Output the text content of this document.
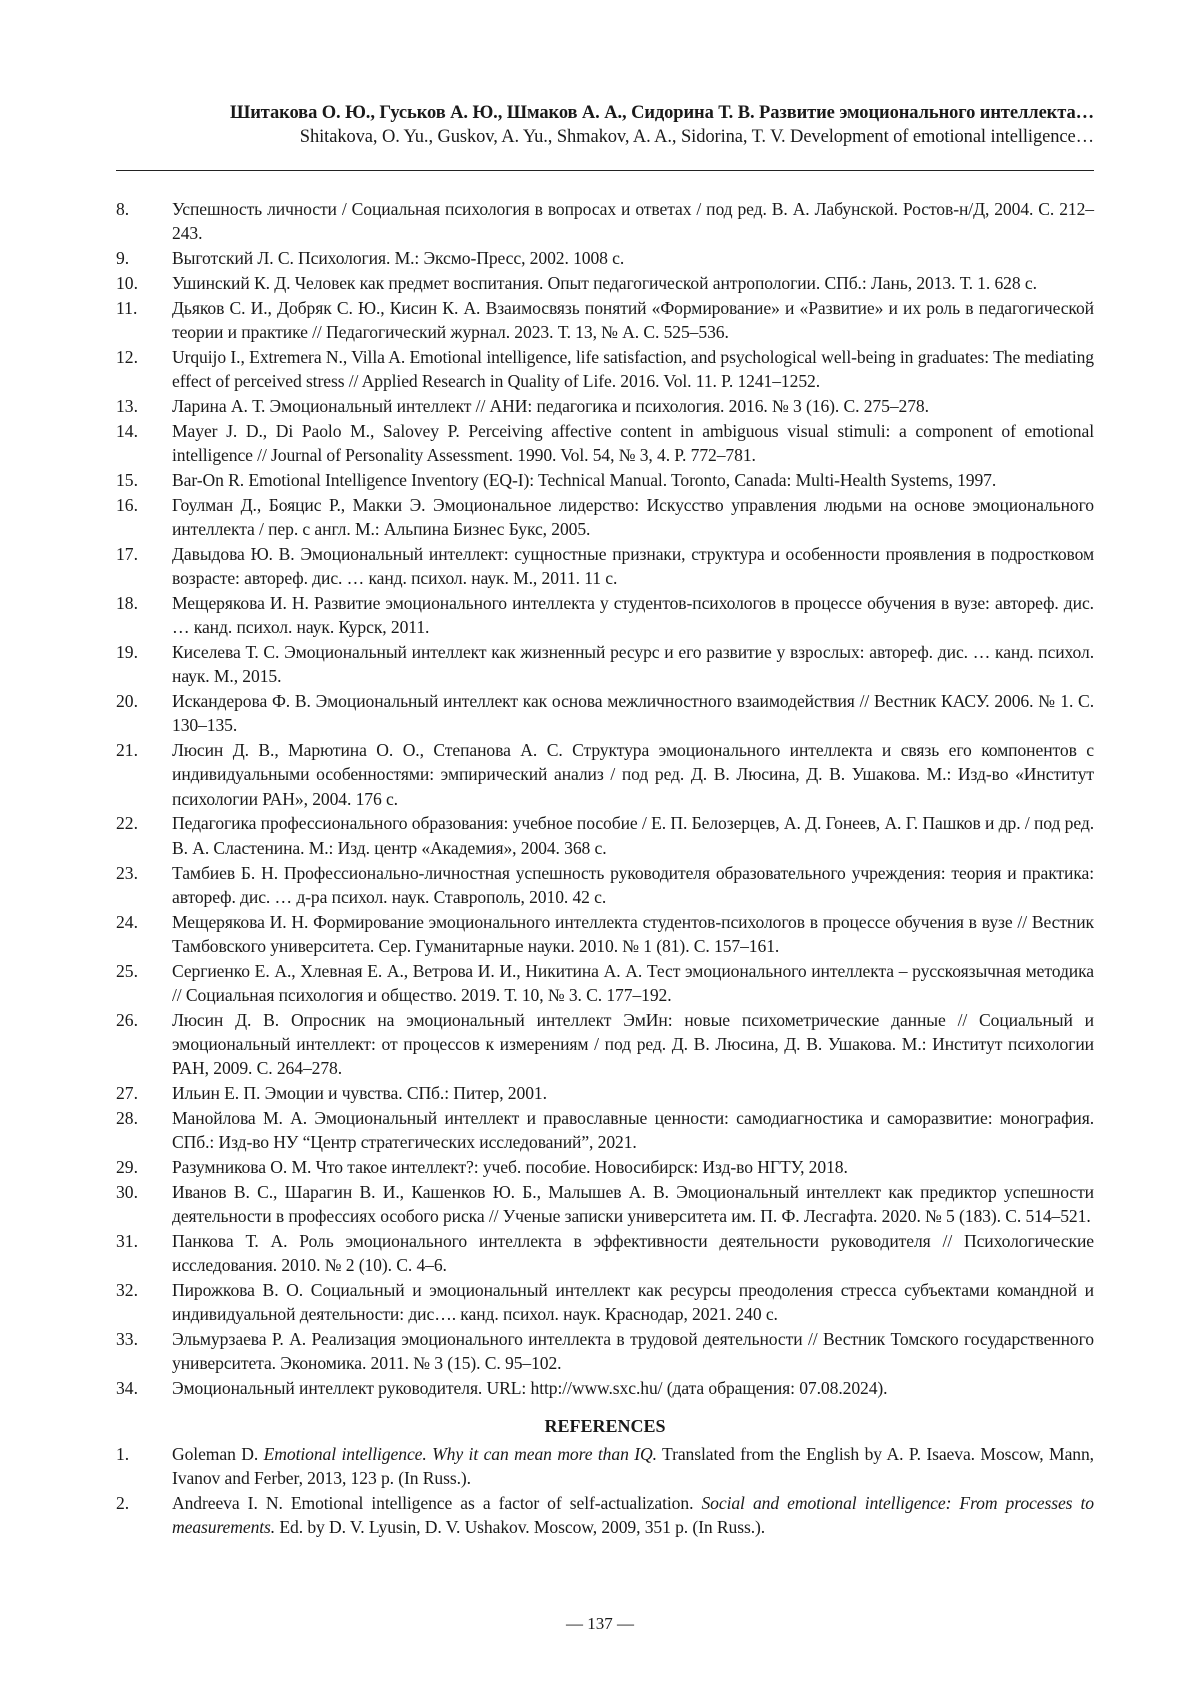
Шитакова О. Ю., Гуськов А. Ю., Шмаков А. А., Сидорина Т. В. Развитие эмоционального интеллекта…
Shitakova, O. Yu., Guskov, A. Yu., Shmakov, A. A., Sidorina, T. V. Development of emotional intelligence…
8.	Успешность личности / Социальная психология в вопросах и ответах / под ред. В. А. Лабунской. Ростов-н/Д, 2004. С. 212–243.
9.	Выготский Л. С. Психология. М.: Эксмо-Пресс, 2002. 1008 с.
10.	Ушинский К. Д. Человек как предмет воспитания. Опыт педагогической антропологии. СПб.: Лань, 2013. Т. 1. 628 с.
11.	Дьяков С. И., Добряк С. Ю., Кисин К. А. Взаимосвязь понятий «Формирование» и «Развитие» и их роль в педагогической теории и практике // Педагогический журнал. 2023. Т. 13, № А. С. 525–536.
12.	Urquijo I., Extremera N., Villa A. Emotional intelligence, life satisfaction, and psychological well-being in graduates: The mediating effect of perceived stress // Applied Research in Quality of Life. 2016. Vol. 11. P. 1241–1252.
13.	Ларина А. Т. Эмоциональный интеллект // АНИ: педагогика и психология. 2016. № 3 (16). С. 275–278.
14.	Mayer J. D., Di Paolo M., Salovey P. Perceiving affective content in ambiguous visual stimuli: a component of emotional intelligence // Journal of Personality Assessment. 1990. Vol. 54, № 3, 4. P. 772–781.
15.	Bar-On R. Emotional Intelligence Inventory (EQ-I): Technical Manual. Toronto, Canada: Multi-Health Systems, 1997.
16.	Гоулман Д., Бояцис Р., Макки Э. Эмоциональное лидерство: Искусство управления людьми на основе эмоционального интеллекта / пер. с англ. М.: Альпина Бизнес Букс, 2005.
17.	Давыдова Ю. В. Эмоциональный интеллект: сущностные признаки, структура и особенности проявления в подростковом возрасте: автореф. дис. … канд. психол. наук. М., 2011. 11 с.
18.	Мещерякова И. Н. Развитие эмоционального интеллекта у студентов-психологов в процессе обучения в вузе: автореф. дис. … канд. психол. наук. Курск, 2011.
19.	Киселева Т. С. Эмоциональный интеллект как жизненный ресурс и его развитие у взрослых: автореф. дис. … канд. психол. наук. М., 2015.
20.	Искандерова Ф. В. Эмоциональный интеллект как основа межличностного взаимодействия // Вестник КАСУ. 2006. № 1. С. 130–135.
21.	Люсин Д. В., Марютина О. О., Степанова А. С. Структура эмоционального интеллекта и связь его компонентов с индивидуальными особенностями: эмпирический анализ / под ред. Д. В. Люсина, Д. В. Ушакова. М.: Изд-во «Институт психологии РАН», 2004. 176 с.
22.	Педагогика профессионального образования: учебное пособие / Е. П. Белозерцев, А. Д. Гонеев, А. Г. Пашков и др. / под ред. В. А. Сластенина. М.: Изд. центр «Академия», 2004. 368 с.
23.	Тамбиев Б. Н. Профессионально-личностная успешность руководителя образовательного учреждения: теория и практика: автореф. дис. … д-ра психол. наук. Ставрополь, 2010. 42 с.
24.	Мещерякова И. Н. Формирование эмоционального интеллекта студентов-психологов в процессе обучения в вузе // Вестник Тамбовского университета. Сер. Гуманитарные науки. 2010. № 1 (81). С. 157–161.
25.	Сергиенко Е. А., Хлевная Е. А., Ветрова И. И., Никитина А. А. Тест эмоционального интеллекта – русскоязычная методика // Социальная психология и общество. 2019. Т. 10, № 3. С. 177–192.
26.	Люсин Д. В. Опросник на эмоциональный интеллект ЭмИн: новые психометрические данные // Социальный и эмоциональный интеллект: от процессов к измерениям / под ред. Д. В. Люсина, Д. В. Ушакова. М.: Институт психологии РАН, 2009. С. 264–278.
27.	Ильин Е. П. Эмоции и чувства. СПб.: Питер, 2001.
28.	Манойлова М. А. Эмоциональный интеллект и православные ценности: самодиагностика и саморазвитие: монография. СПб.: Изд-во НУ “Центр стратегических исследований”, 2021.
29.	Разумникова О. М. Что такое интеллект?: учеб. пособие. Новосибирск: Изд-во НГТУ, 2018.
30.	Иванов В. С., Шарагин В. И., Кашенков Ю. Б., Малышев А. В. Эмоциональный интеллект как предиктор успешности деятельности в профессиях особого риска // Ученые записки университета им. П. Ф. Лесгафта. 2020. № 5 (183). С. 514–521.
31.	Панкова Т. А. Роль эмоционального интеллекта в эффективности деятельности руководителя // Психологические исследования. 2010. № 2 (10). С. 4–6.
32.	Пирожкова В. О. Социальный и эмоциональный интеллект как ресурсы преодоления стресса субъектами командной и индивидуальной деятельности: дис…. канд. психол. наук. Краснодар, 2021. 240 с.
33.	Эльмурзаева Р. А. Реализация эмоционального интеллекта в трудовой деятельности // Вестник Томского государственного университета. Экономика. 2011. № 3 (15). С. 95–102.
34.	Эмоциональный интеллект руководителя. URL: http://www.sxc.hu/ (дата обращения: 07.08.2024).
REFERENCES
1.	Goleman D. Emotional intelligence. Why it can mean more than IQ. Translated from the English by A. P. Isaeva. Moscow, Mann, Ivanov and Ferber, 2013, 123 p. (In Russ.).
2.	Andreeva I. N. Emotional intelligence as a factor of self-actualization. Social and emotional intelligence: From processes to measurements. Ed. by D. V. Lyusin, D. V. Ushakov. Moscow, 2009, 351 p. (In Russ.).
— 137 —
